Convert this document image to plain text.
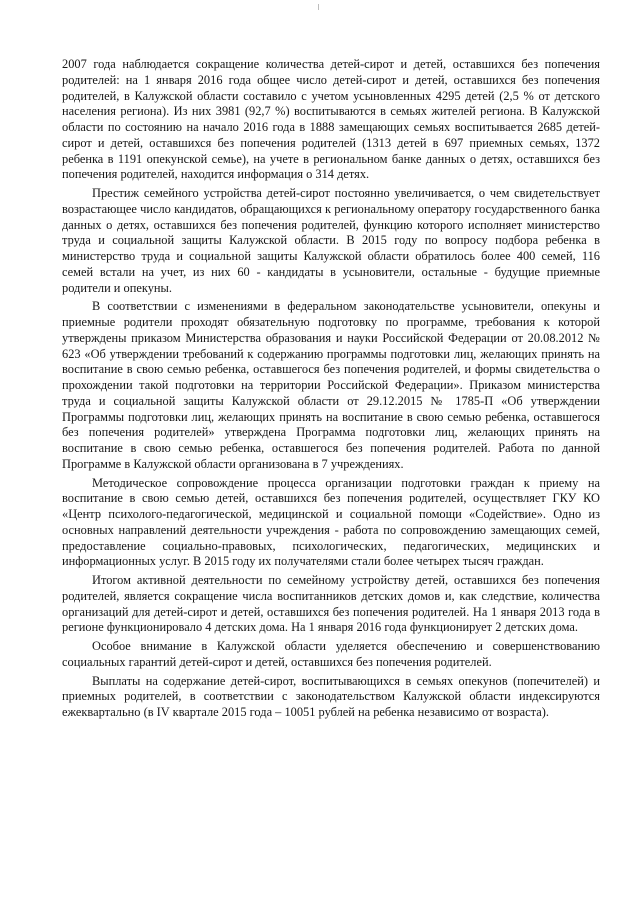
2007 года наблюдается сокращение количества детей-сирот и детей, оставшихся без попечения родителей: на 1 января 2016 года общее число детей-сирот и детей, оставшихся без попечения родителей, в Калужской области составило с учетом усыновленных 4295 детей (2,5 % от детского населения региона). Из них 3981 (92,7 %) воспитываются в семьях жителей региона. В Калужской области по состоянию на начало 2016 года в 1888 замещающих семьях воспитывается 2685 детей-сирот и детей, оставшихся без попечения родителей (1313 детей в 697 приемных семьях, 1372 ребенка в 1191 опекунской семье), на учете в региональном банке данных о детях, оставшихся без попечения родителей, находится информация о 314 детях.

Престиж семейного устройства детей-сирот постоянно увеличивается, о чем свидетельствует возрастающее число кандидатов, обращающихся к региональному оператору государственного банка данных о детях, оставшихся без попечения родителей, функцию которого исполняет министерство труда и социальной защиты Калужской области. В 2015 году по вопросу подбора ребенка в министерство труда и социальной защиты Калужской области обратилось более 400 семей, 116 семей встали на учет, из них 60 - кандидаты в усыновители, остальные - будущие приемные родители и опекуны.

В соответствии с изменениями в федеральном законодательстве усыновители, опекуны и приемные родители проходят обязательную подготовку по программе, требования к которой утверждены приказом Министерства образования и науки Российской Федерации от 20.08.2012 № 623 «Об утверждении требований к содержанию программы подготовки лиц, желающих принять на воспитание в свою семью ребенка, оставшегося без попечения родителей, и формы свидетельства о прохождении такой подготовки на территории Российской Федерации». Приказом министерства труда и социальной защиты Калужской области от 29.12.2015 № 1785-П «Об утверждении Программы подготовки лиц, желающих принять на воспитание в свою семью ребенка, оставшегося без попечения родителей» утверждена Программа подготовки лиц, желающих принять на воспитание в свою семью ребенка, оставшегося без попечения родителей. Работа по данной Программе в Калужской области организована в 7 учреждениях.

Методическое сопровождение процесса организации подготовки граждан к приему на воспитание в свою семью детей, оставшихся без попечения родителей, осуществляет ГКУ КО «Центр психолого-педагогической, медицинской и социальной помощи «Содействие». Одно из основных направлений деятельности учреждения - работа по сопровождению замещающих семей, предоставление социально-правовых, психологических, педагогических, медицинских и информационных услуг. В 2015 году их получателями стали более четырех тысяч граждан.

Итогом активной деятельности по семейному устройству детей, оставшихся без попечения родителей, является сокращение числа воспитанников детских домов и, как следствие, количества организаций для детей-сирот и детей, оставшихся без попечения родителей. На 1 января 2013 года в регионе функционировало 4 детских дома. На 1 января 2016 года функционирует 2 детских дома.

Особое внимание в Калужской области уделяется обеспечению и совершенствованию социальных гарантий детей-сирот и детей, оставшихся без попечения родителей.

Выплаты на содержание детей-сирот, воспитывающихся в семьях опекунов (попечителей) и приемных родителей, в соответствии с законодательством Калужской области индексируются ежеквартально (в IV квартале 2015 года – 10051 рублей на ребенка независимо от возраста).
